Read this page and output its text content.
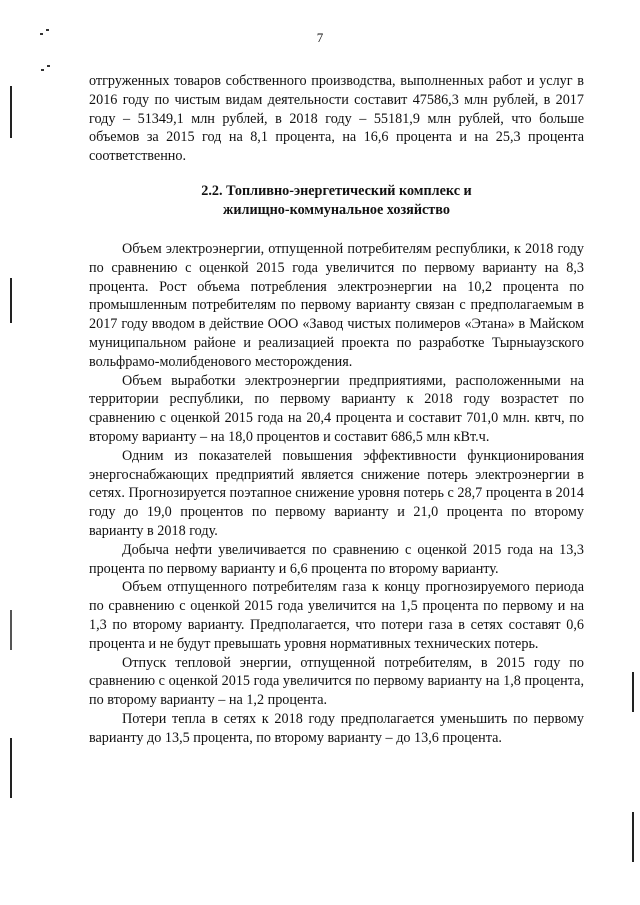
7

отгруженных товаров собственного производства, выполненных работ и услуг в 2016 году по чистым видам деятельности составит 47586,3 млн рублей, в 2017 году – 51349,1 млн рублей, в 2018 году – 55181,9 млн рублей, что больше объемов за 2015 год на 8,1 процента, на 16,6 процента и на 25,3 процента соответственно.

2.2. Топливно-энергетический комплекс и
жилищно-коммунальное хозяйство

Объем электроэнергии, отпущенной потребителям республики, к 2018 году по сравнению с оценкой 2015 года увеличится по первому варианту на 8,3 процента. Рост объема потребления электроэнергии на 10,2 процента по промышленным потребителям по первому варианту связан с предполагаемым в 2017 году вводом в действие ООО «Завод чистых полимеров «Этана» в Майском муниципальном районе и реализацией проекта по разработке Тырныаузского вольфрамо-молибденового месторождения.

Объем выработки электроэнергии предприятиями, расположенными на территории республики, по первому варианту к 2018 году возрастет по сравнению с оценкой 2015 года на 20,4 процента и составит 701,0 млн. квтч, по второму варианту – на 18,0 процентов и составит 686,5 млн кВт.ч.

Одним из показателей повышения эффективности функционирования энергоснабжающих предприятий является снижение потерь электроэнергии в сетях. Прогнозируется поэтапное снижение уровня потерь с 28,7 процента в 2014 году до 19,0 процентов по первому варианту и 21,0 процента по второму варианту в 2018 году.

Добыча нефти увеличивается по сравнению с оценкой 2015 года на 13,3 процента по первому варианту и 6,6 процента по второму варианту.

Объем отпущенного потребителям газа к концу прогнозируемого периода по сравнению с оценкой 2015 года увеличится на 1,5 процента по первому и на 1,3 по второму варианту. Предполагается, что потери газа в сетях составят 0,6 процента и не будут превышать уровня нормативных технических потерь.

Отпуск тепловой энергии, отпущенной потребителям, в 2015 году по сравнению с оценкой 2015 года увеличится по первому варианту на 1,8 процента, по второму варианту – на 1,2 процента.

Потери тепла в сетях к 2018 году предполагается уменьшить по первому варианту до 13,5 процента, по второму варианту – до 13,6 процента.
